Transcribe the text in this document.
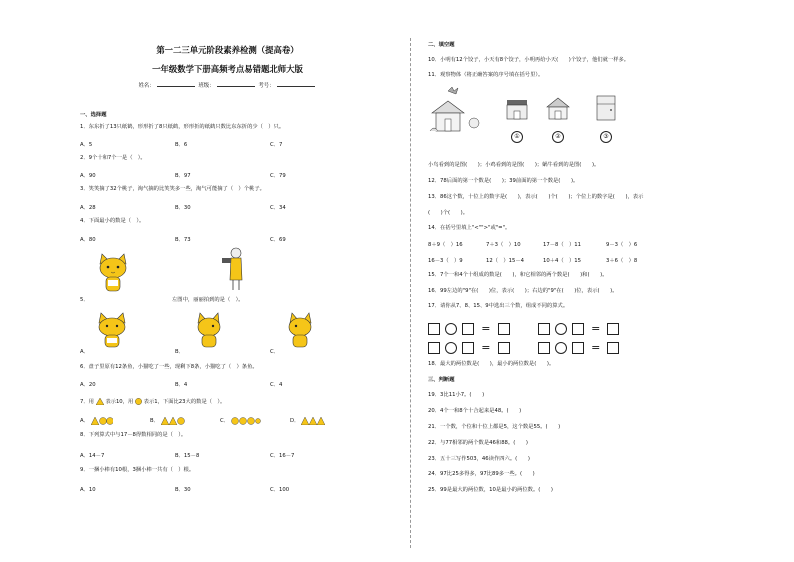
第一二三单元阶段素养检测（提高卷）
一年级数学下册高频考点易错题北师大版
姓名：	班级：	考号：
一、选择题
1．东东折了13只纸鹤，形形折了8只纸鹤，形形折的纸鹤只数比东东折的少（　）只。
A．5	B．6	C．7
2．9个十和7个一是（　）。
A．90	B．97	C．79
3．笑笑摘了32个桃子，淘气摘的比笑笑多一些，淘气可能摘了（　）个桃子。
A．28	B．30	C．34
4．下面最小的数是（　）。
A．80	B．73	C．69
5．	左图中，丽丽拍到的是（　）。
A．	B．	C．
6．盘子里原有12条鱼，小猫吃了一些，现剩下8条，小猫吃了（　）条鱼。
A．20	B．4	C．4
7．用 表示10，用 表示1，下面比23大的数是（　）。
A．	B．	C．	D．
8．下列算式中与17－8得数相同的是（　）。
A．14－7	B．15－8	C．16－7
9．一捆小棒有10根，3捆小棒一共有（　）根。
A．10	B．30	C．100
二、填空题
10．小明有12个饺子，小天有8个饺子，小明再给小天(　　)个饺子，他们就一样多。
11．观察物体（将正确答案的序号填在括号里）。
①	②	③
小鸟看到的是图(　　)；小鸡看到的是图(　　)；蜗牛看到的是图(　　)。
12．78后面的第一个数是(　　)；39前面的第一个数是(　　)。
13．86这个数，十位上的数字是(　　)，表示(　　)个(　　)；个位上的数字是(　　)，表示
(　　)个(　　)。
14．在括号里填上"<"">"或"="。
8＋9（　）16	7＋3（　）10	17－8（　）11	9－3（　）6
16－3（　）9	12（　）15－4	10＋4（　）15	3＋6（　）8
15．7个一和4个十组成的数是(　　)，和它相邻的两个数是(　　)和(　　)。
16．99左边的"9"在(　　)位，表示(　　)；右边的"9"在(　　)位，表示(　　)。
17．请你从7、8、15、9中选出三个数，组成不同的算式。
=	=
=	=
18．最大的两位数是(　　)，最小的两位数是(　　)。
三、判断题
19．3比11小7。(　　)
20．4个一和8个十合起来是48。(　　)
21．一个数，个位和十位上都是5，这个数是55。(　　)
22．与77相邻的两个数是46和88。(　　)
23．五十三写作503，46读作四六。(　　)
24．97比25多得多，97比89多一些。(　　)
25．99是最大的两位数，10是最小的两位数。(　　)
